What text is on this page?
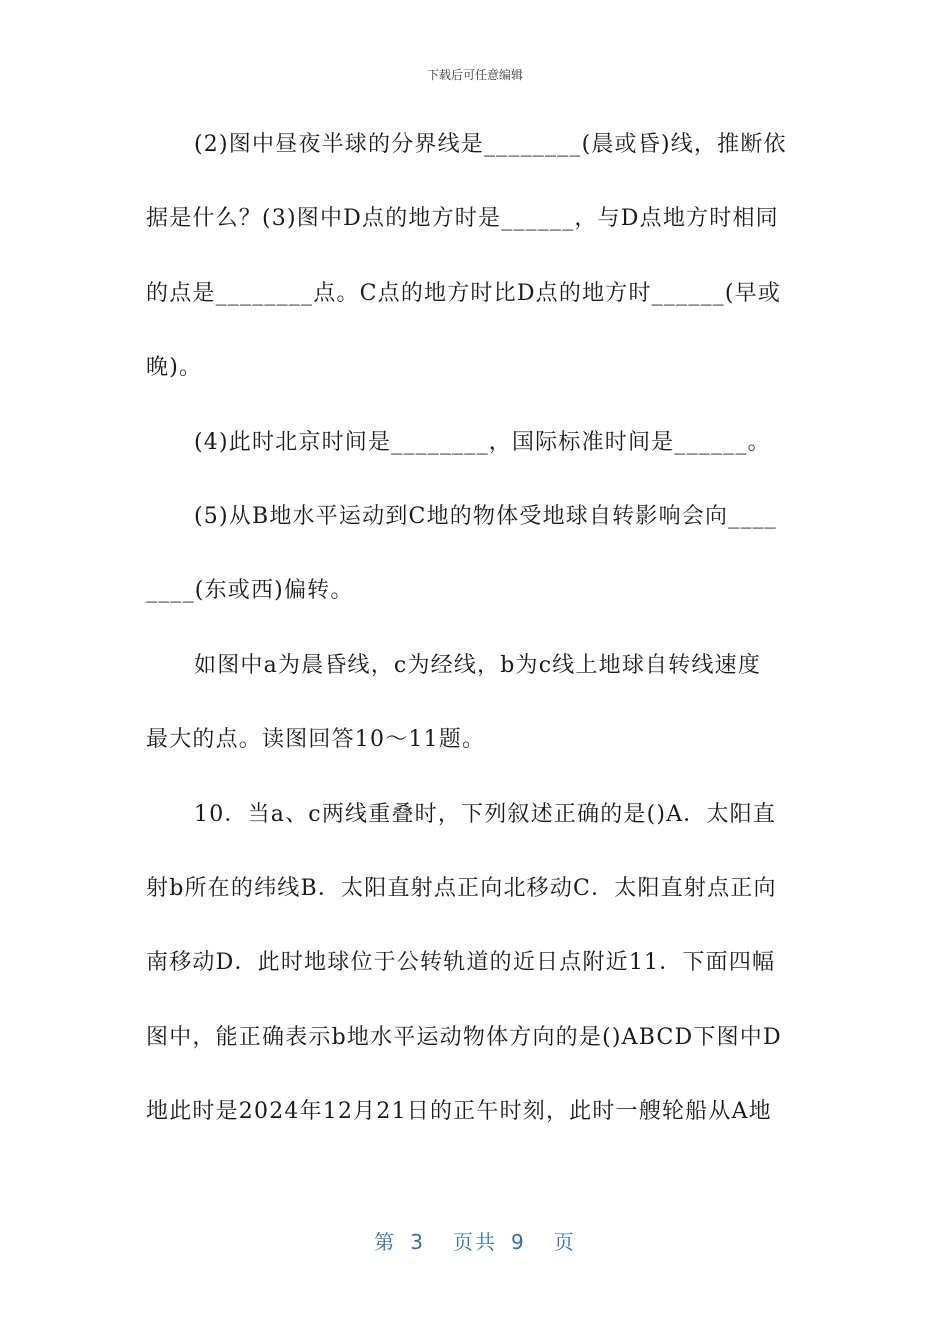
下载后可任意编辑
(2)图中昼夜半球的分界线是________(晨或昏)线，推断依
据是什么？(3)图中D点的地方时是______，与D点地方时相同
的点是________点。C点的地方时比D点的地方时______(早或
晚)。
(4)此时北京时间是________，国际标准时间是______。
(5)从B地水平运动到C地的物体受地球自转影响会向____
____(东或西)偏转。
如图中a为晨昏线，c为经线，b为c线上地球自转线速度
最大的点。读图回答10～11题。
10．当a、c两线重叠时，下列叙述正确的是()A．太阳直
射b所在的纬线B．太阳直射点正向北移动C．太阳直射点正向
南移动D．此时地球位于公转轨道的近日点附近11．下面四幅
图中，能正确表示b地水平运动物体方向的是()ABCD下图中D
地此时是2024年12月21日的正午时刻，此时一艘轮船从A地
第 3 页共 9 页
